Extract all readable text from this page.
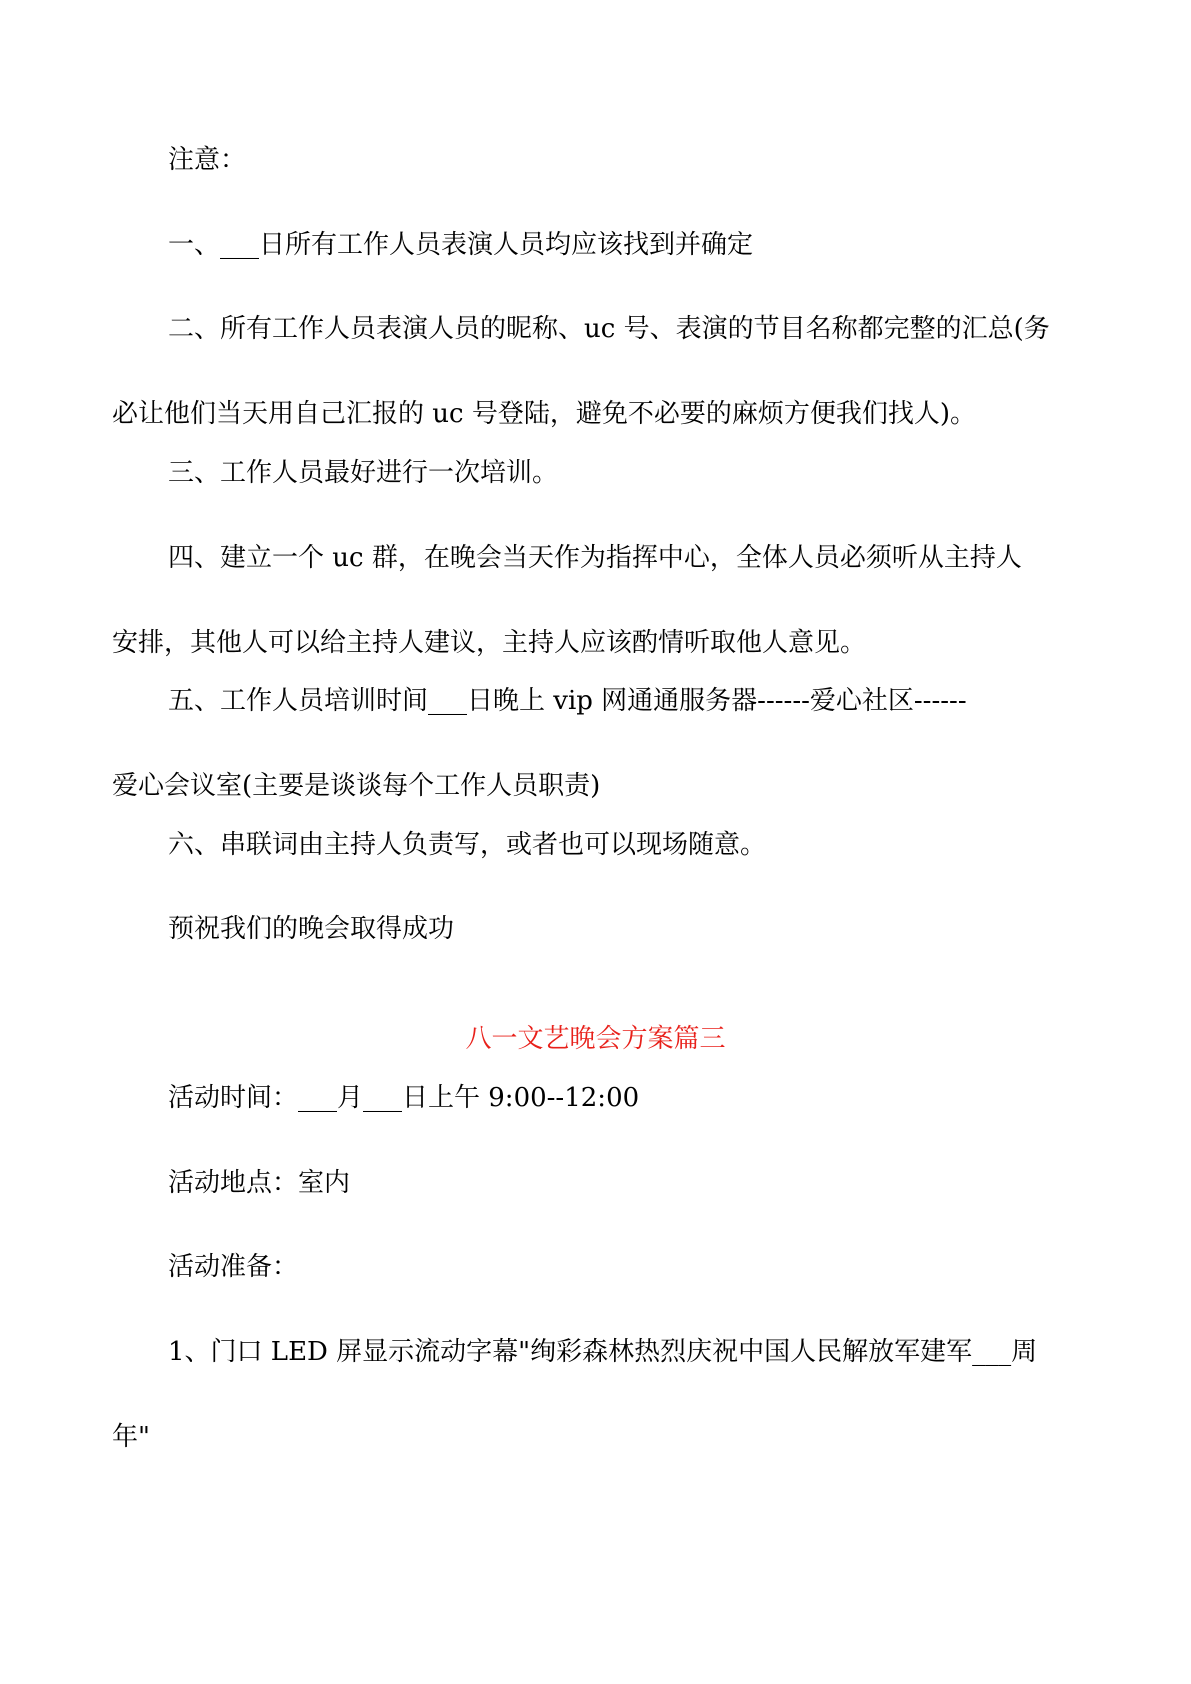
注意：

一、___日所有工作人员表演人员均应该找到并确定

二、所有工作人员表演人员的昵称、uc 号、表演的节目名称都完整的汇总(务

必让他们当天用自己汇报的 uc 号登陆，避免不必要的麻烦方便我们找人)。

三、工作人员最好进行一次培训。

四、建立一个 uc 群，在晚会当天作为指挥中心，全体人员必须听从主持人

安排，其他人可以给主持人建议，主持人应该酌情听取他人意见。

五、工作人员培训时间___日晚上 vip 网通通服务器------爱心社区------

爱心会议室(主要是谈谈每个工作人员职责)

六、串联词由主持人负责写，或者也可以现场随意。

预祝我们的晚会取得成功

八一文艺晚会方案篇三

活动时间：___月___日上午 9:00--12:00

活动地点：室内

活动准备：

1、门口 LED 屏显示流动字幕"绚彩森林热烈庆祝中国人民解放军建军___周

年"
